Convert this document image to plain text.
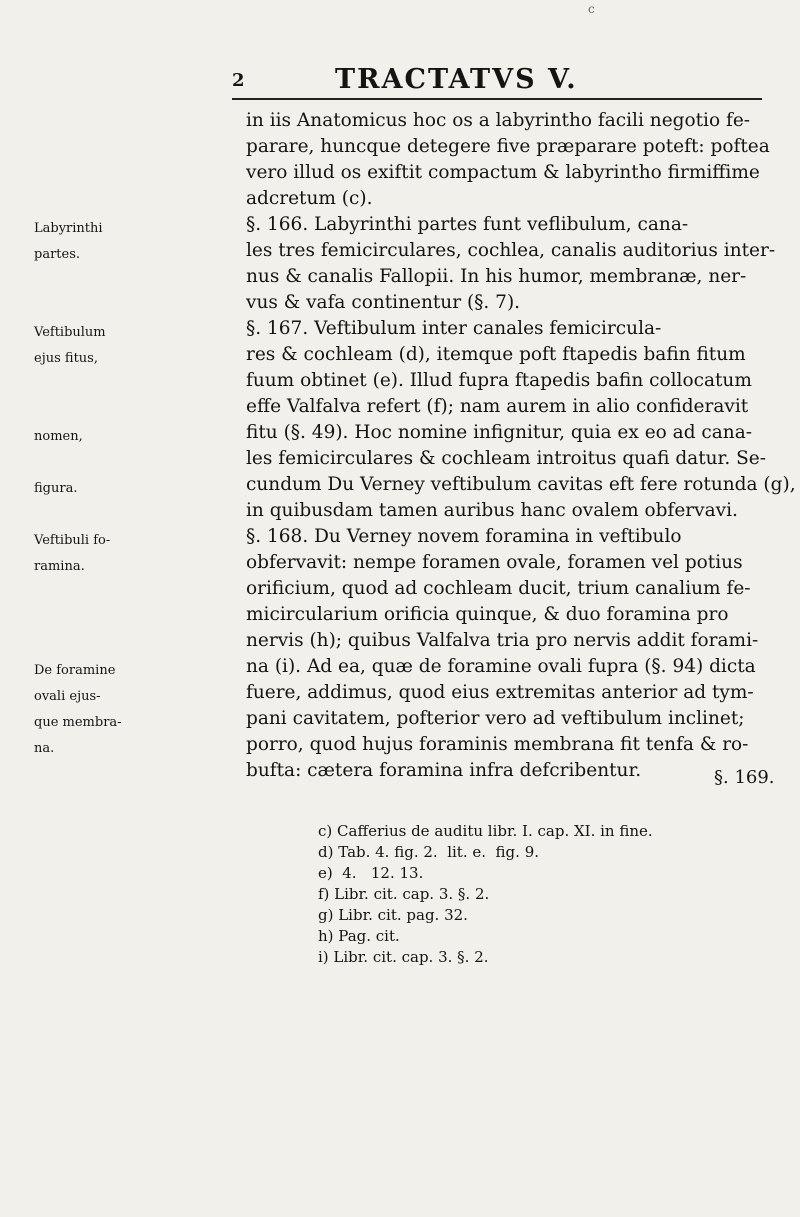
c
2	TRACTATVS V.
Labyrinthi
partes.
Veftibulum
ejus fitus,
nomen,
figura.
Veftibuli fo-
ramina.
De foramine
ovali ejus-
que membra-
na.
in iis Anatomicus hoc os a labyrintho facili negotio fe-
parare, huncque detegere five præparare poteft: poftea
vero illud os exiftit compactum & labyrintho firmiffime
adcretum (c).
§. 166. Labyrinthi partes funt veflibulum, cana-
les tres femicirculares, cochlea, canalis auditorius inter-
nus & canalis Fallopii. In his humor, membranæ, ner-
vus & vafa continentur (§. 7).
§. 167. Veftibulum inter canales femicircula-
res & cochleam (d), itemque poft ftapedis bafin fitum
fuum obtinet (e). Illud fupra ftapedis bafin collocatum
effe Valfalva refert (f); nam aurem in alio confideravit
fitu (§. 49). Hoc nomine infignitur, quia ex eo ad cana-
les femicirculares & cochleam introitus quafi datur. Se-
cundum Du Verney veftibulum cavitas eft fere rotunda (g),
in quibusdam tamen auribus hanc ovalem obfervavi.
§. 168. Du Verney novem foramina in veftibulo
obfervavit: nempe foramen ovale, foramen vel potius
orificium, quod ad cochleam ducit, trium canalium fe-
micircularium orificia quinque, & duo foramina pro
nervis (h); quibus Valfalva tria pro nervis addit forami-
na (i). Ad ea, quæ de foramine ovali fupra (§. 94) dicta
fuere, addimus, quod eius extremitas anterior ad tym-
pani cavitatem, pofterior vero ad veftibulum inclinet;
porro, quod hujus foraminis membrana fit tenfa & ro-
bufta: cætera foramina infra defcribentur.	§. 169.
c) Cafferius de auditu libr. I. cap. XI. in fine.
d) Tab. 4. fig. 2.  lit. e.  fig. 9.
e)  4.   12. 13.
f) Libr. cit. cap. 3. §. 2.
g) Libr. cit. pag. 32.
h) Pag. cit.
i) Libr. cit. cap. 3. §. 2.
